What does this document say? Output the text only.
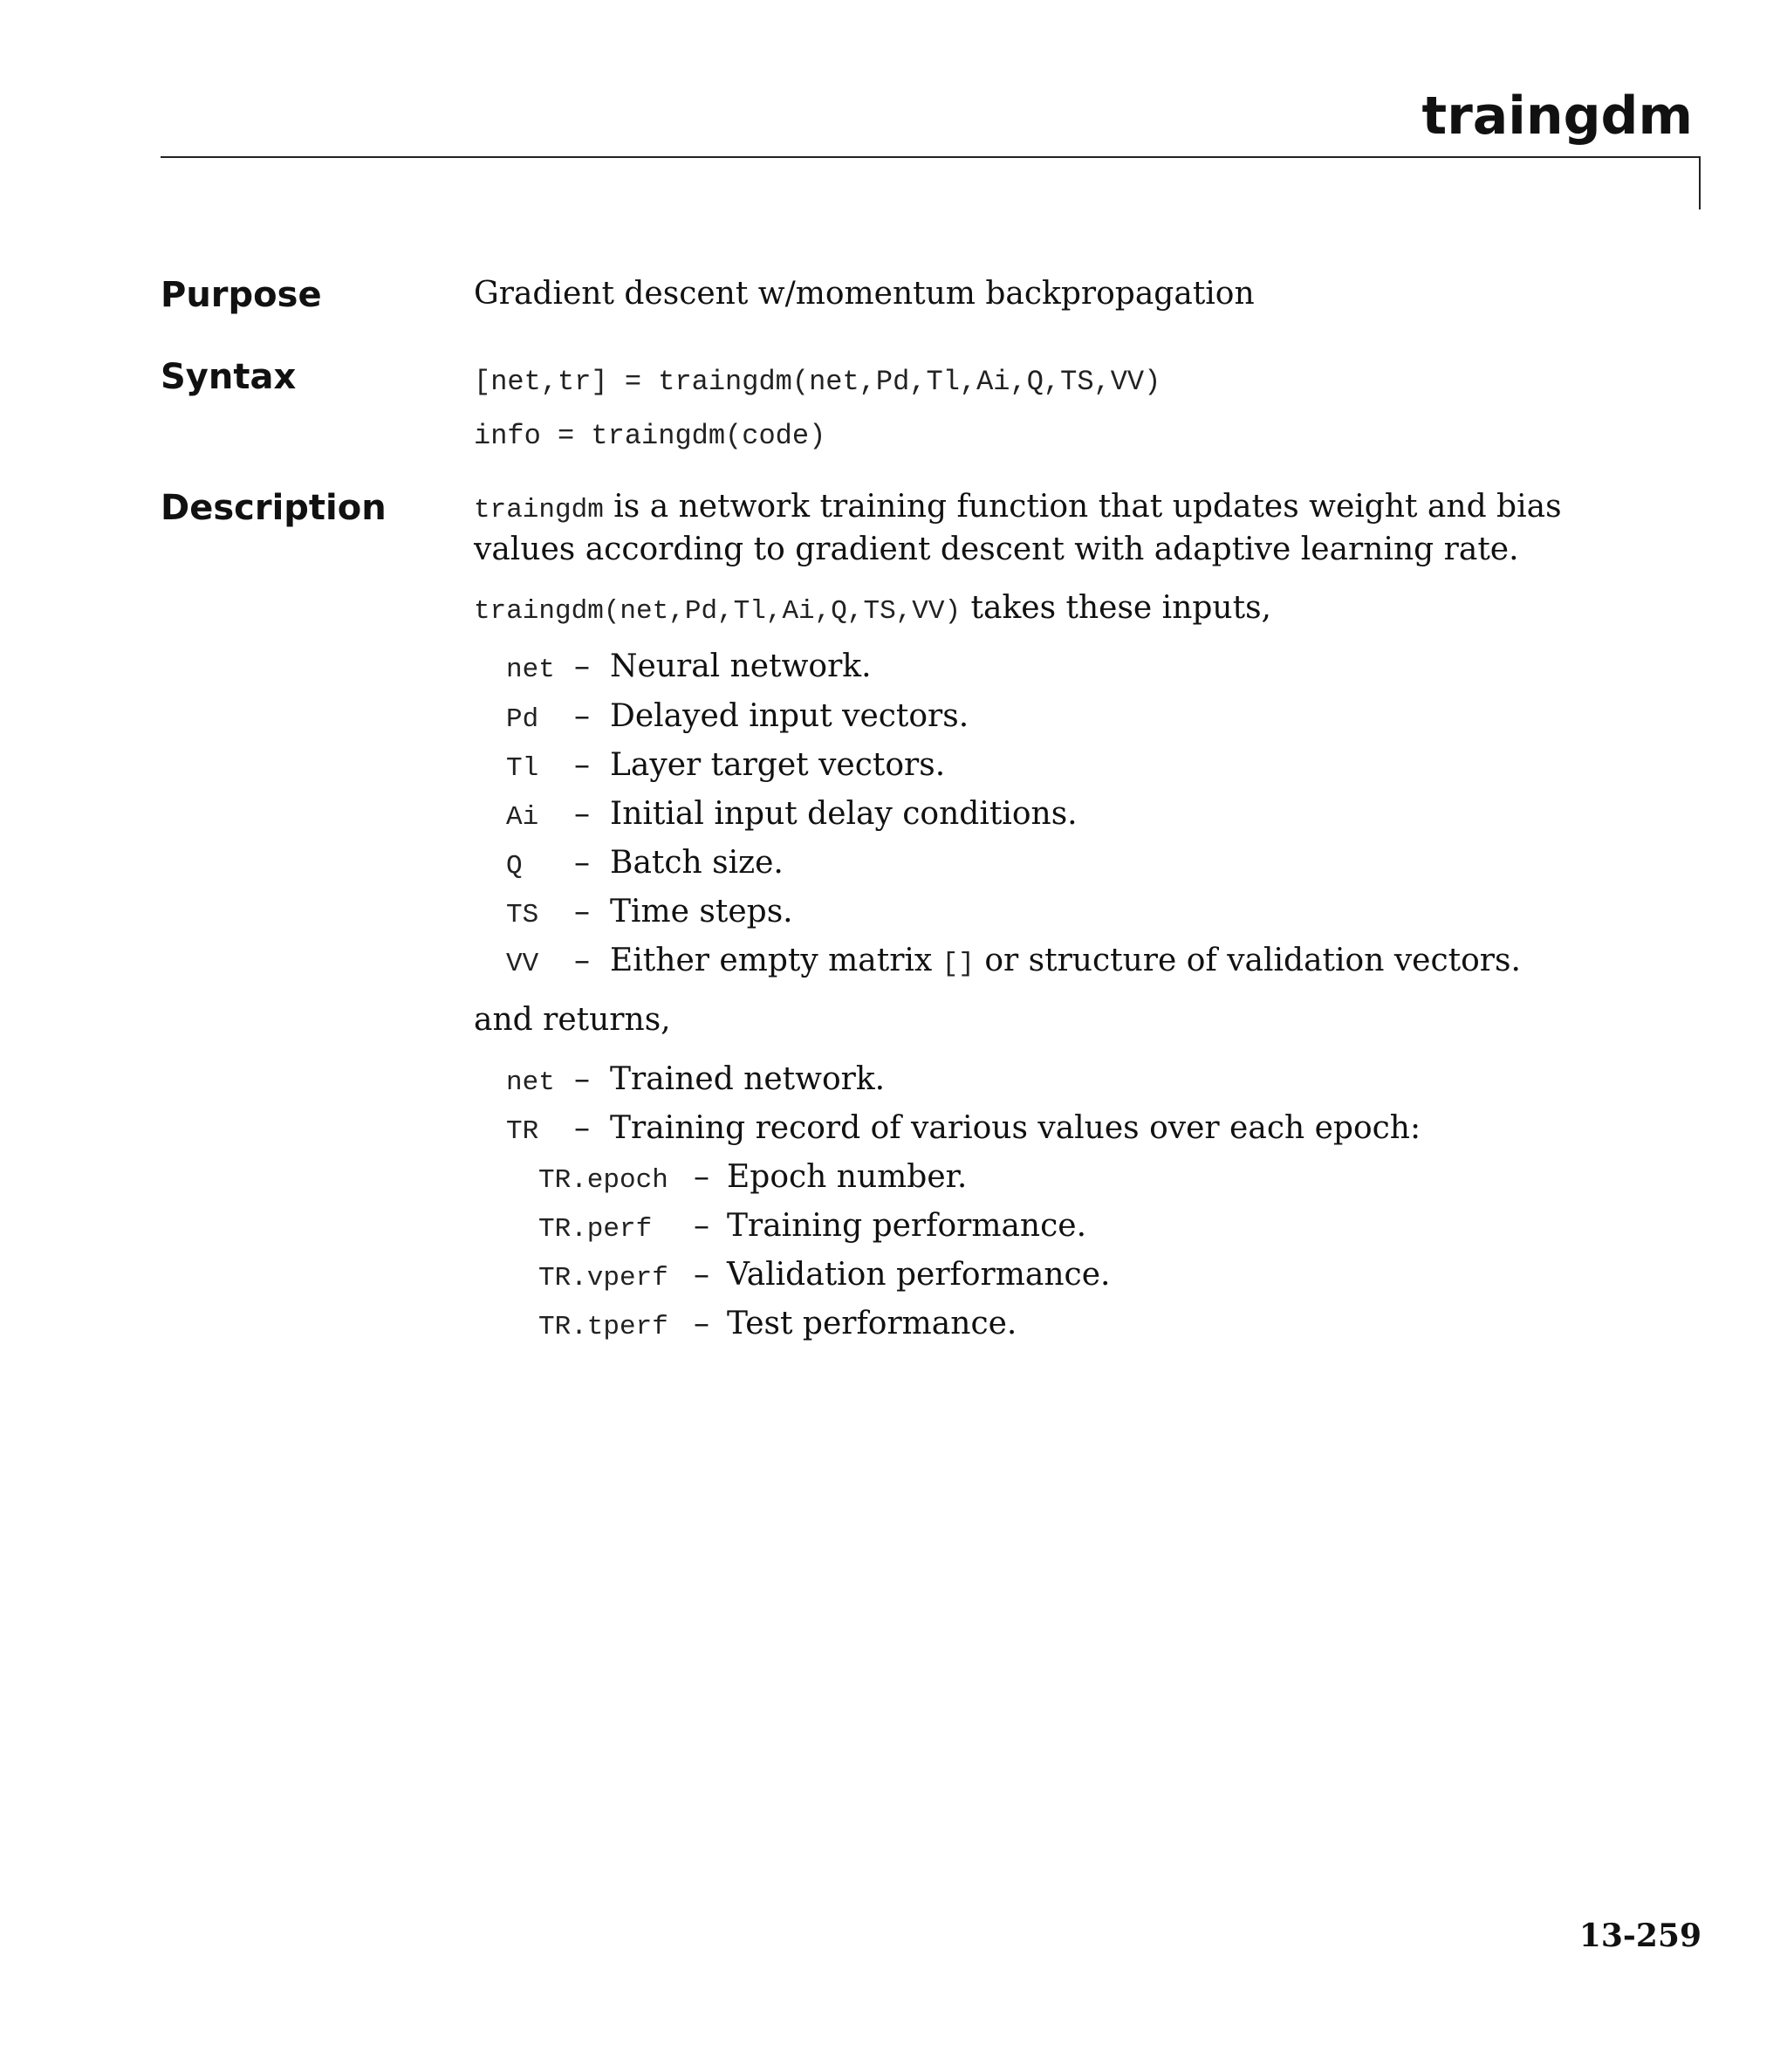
traingdm
Purpose	Gradient descent w/momentum backpropagation

Syntax	[net,tr] = traingdm(net,Pd,Tl,Ai,Q,TS,VV)

info = traingdm(code)

Description	traingdm is a network training function that updates weight and bias values according to gradient descent with adaptive learning rate.

traingdm(net,Pd,Tl,Ai,Q,TS,VV) takes these inputs,

net – Neural network.
Pd – Delayed input vectors.
Tl – Layer target vectors.
Ai – Initial input delay conditions.
Q – Batch size.
TS – Time steps.
VV – Either empty matrix [] or structure of validation vectors.

and returns,

net – Trained network.
TR – Training record of various values over each epoch:
TR.epoch – Epoch number.
TR.perf – Training performance.
TR.vperf – Validation performance.
TR.tperf – Test performance.

13-259
